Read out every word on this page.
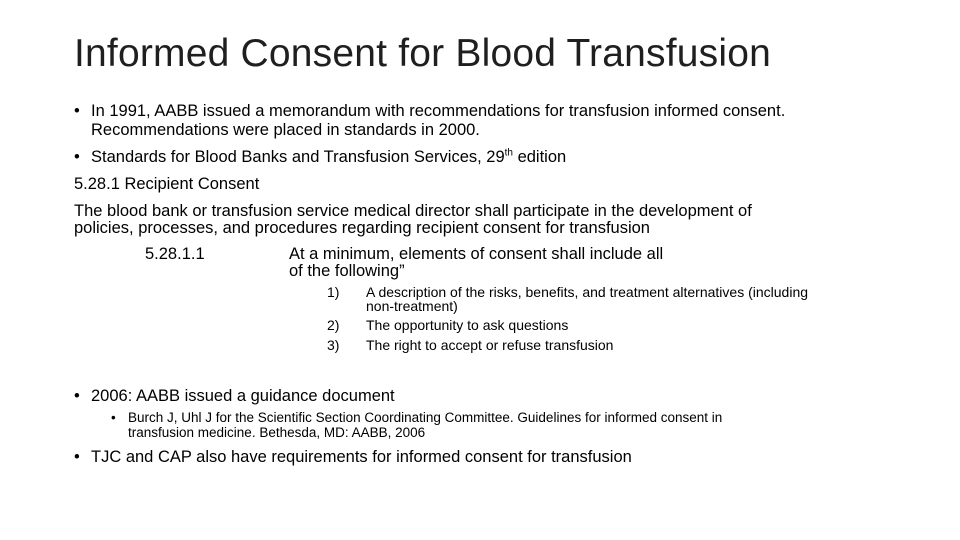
Informed Consent for Blood Transfusion
• In 1991, AABB issued a memorandum with recommendations for transfusion informed consent.
Recommendations were placed in standards in 2000.
• Standards for Blood Banks and Transfusion Services, 29th edition
5.28.1 Recipient Consent
The blood bank or transfusion service medical director shall participate in the development of
policies, processes, and procedures regarding recipient consent for transfusion
5.28.1.1	At a minimum, elements of consent shall include all
of the following”
1) A description of the risks, benefits, and treatment alternatives (including
non-treatment)
2) The opportunity to ask questions
3) The right to accept or refuse transfusion
• 2006: AABB issued a guidance document
• Burch J, Uhl J for the Scientific Section Coordinating Committee. Guidelines for informed consent in
transfusion medicine. Bethesda, MD: AABB, 2006
• TJC and CAP also have requirements for informed consent for transfusion
